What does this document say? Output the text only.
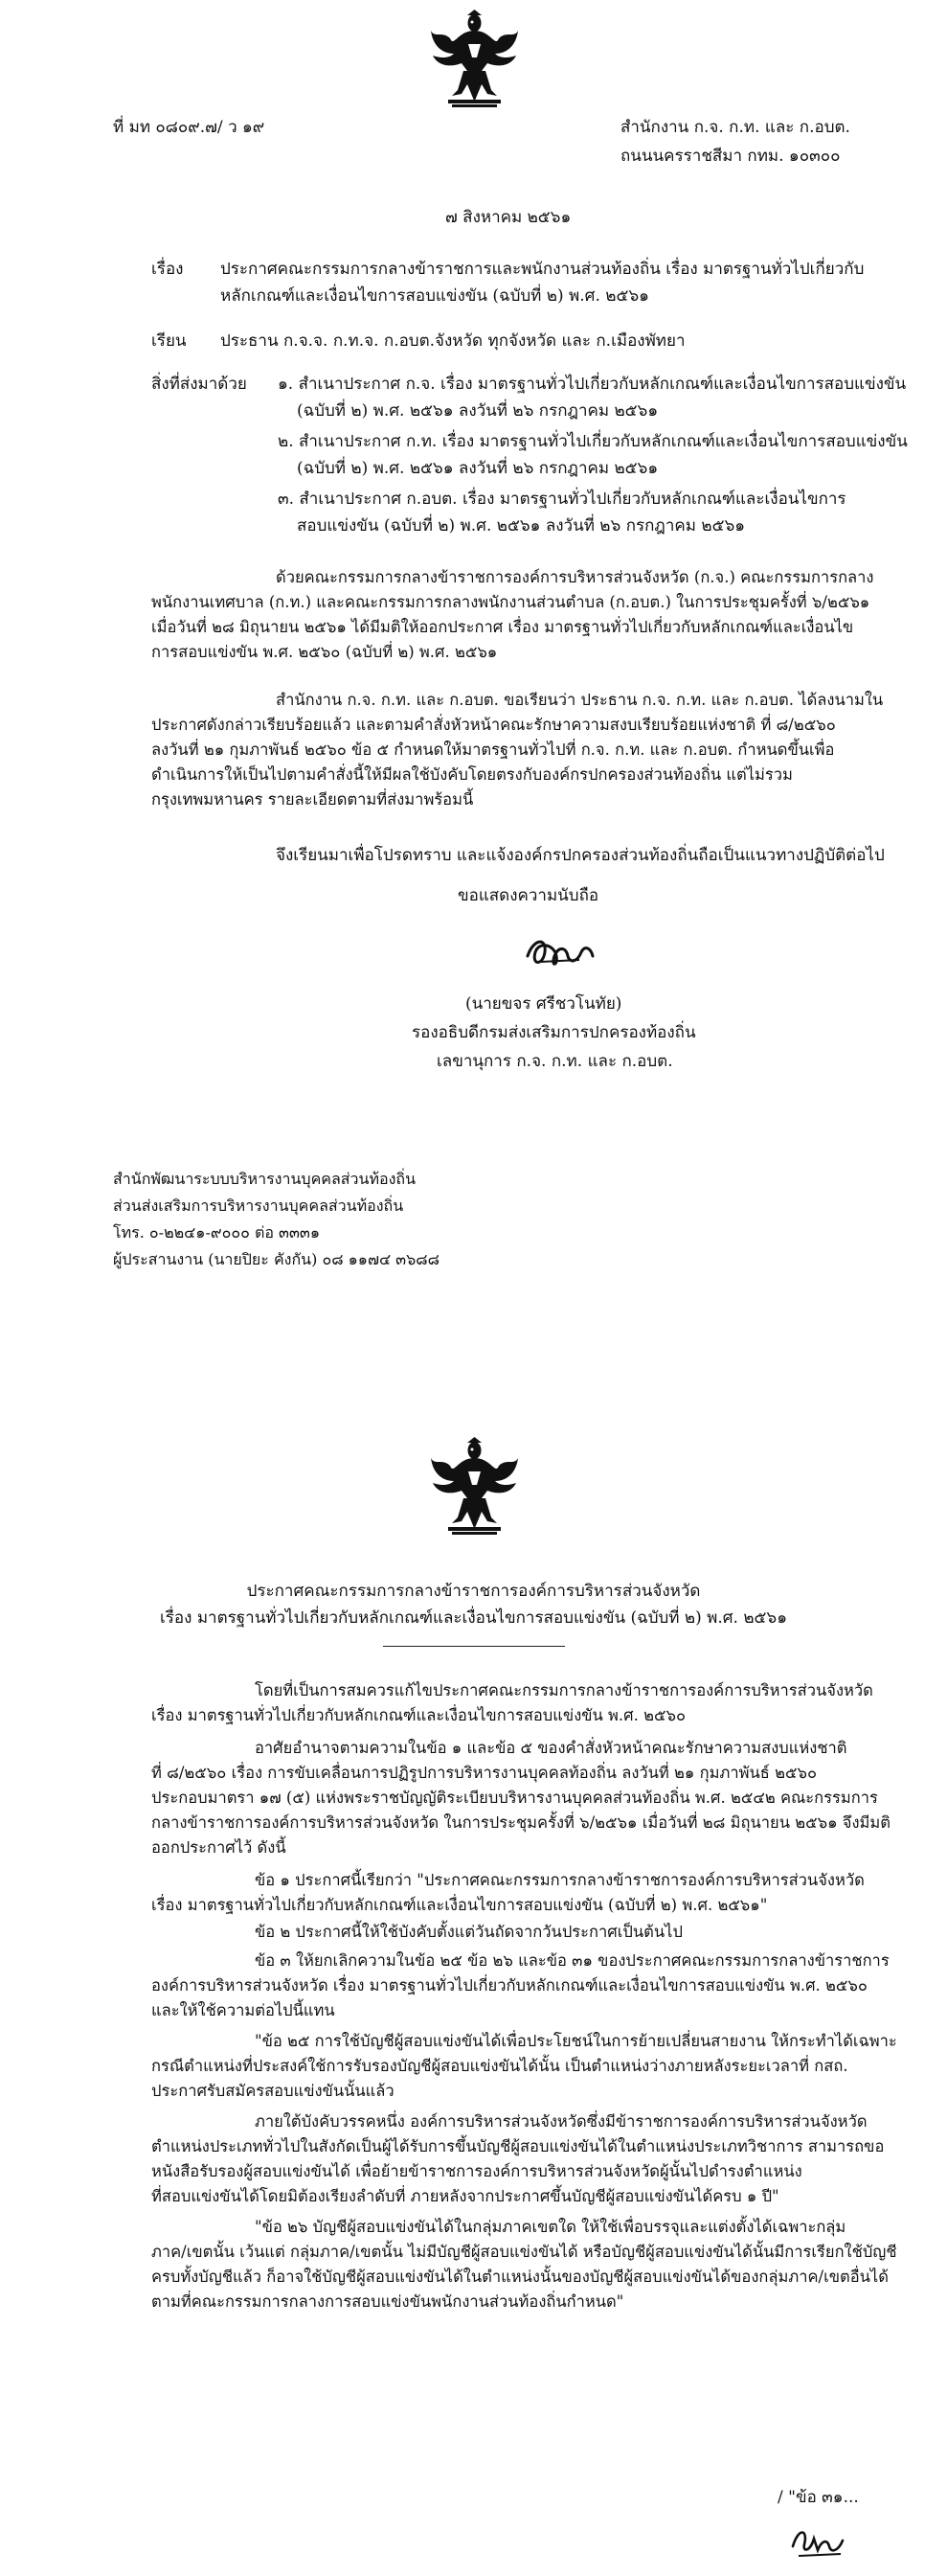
ที่ มท ๐๘๐๙.๗/ ว ๑๙	สำนักงาน ก.จ. ก.ท. และ ก.อบต.
ถนนนครราชสีมา กทม. ๑๐๓๐๐
๗ สิงหาคม ๒๕๖๑
เรื่อง ประกาศคณะกรรมการกลางข้าราชการและพนักงานส่วนท้องถิ่น เรื่อง มาตรฐานทั่วไปเกี่ยวกับ
หลักเกณฑ์และเงื่อนไขการสอบแข่งขัน (ฉบับที่ ๒) พ.ศ. ๒๕๖๑
เรียน ประธาน ก.จ.จ. ก.ท.จ. ก.อบต.จังหวัด ทุกจังหวัด และ ก.เมืองพัทยา
สิ่งที่ส่งมาด้วย ๑. สำเนาประกาศ ก.จ. เรื่อง มาตรฐานทั่วไปเกี่ยวกับหลักเกณฑ์และเงื่อนไขการสอบแข่งขัน
(ฉบับที่ ๒) พ.ศ. ๒๕๖๑ ลงวันที่ ๒๖ กรกฎาคม ๒๕๖๑
๒. สำเนาประกาศ ก.ท. เรื่อง มาตรฐานทั่วไปเกี่ยวกับหลักเกณฑ์และเงื่อนไขการสอบแข่งขัน
(ฉบับที่ ๒) พ.ศ. ๒๕๖๑ ลงวันที่ ๒๖ กรกฎาคม ๒๕๖๑
๓. สำเนาประกาศ ก.อบต. เรื่อง มาตรฐานทั่วไปเกี่ยวกับหลักเกณฑ์และเงื่อนไขการ
สอบแข่งขัน (ฉบับที่ ๒) พ.ศ. ๒๕๖๑ ลงวันที่ ๒๖ กรกฎาคม ๒๕๖๑
ด้วยคณะกรรมการกลางข้าราชการองค์การบริหารส่วนจังหวัด (ก.จ.) คณะกรรมการกลาง
พนักงานเทศบาล (ก.ท.) และคณะกรรมการกลางพนักงานส่วนตำบล (ก.อบต.) ในการประชุมครั้งที่ ๖/๒๕๖๑
เมื่อวันที่ ๒๘ มิถุนายน ๒๕๖๑ ได้มีมติให้ออกประกาศ เรื่อง มาตรฐานทั่วไปเกี่ยวกับหลักเกณฑ์และเงื่อนไข
การสอบแข่งขัน พ.ศ. ๒๕๖๐ (ฉบับที่ ๒) พ.ศ. ๒๕๖๑
สำนักงาน ก.จ. ก.ท. และ ก.อบต. ขอเรียนว่า ประธาน ก.จ. ก.ท. และ ก.อบต. ได้ลงนามใน
ประกาศดังกล่าวเรียบร้อยแล้ว และตามคำสั่งหัวหน้าคณะรักษาความสงบเรียบร้อยแห่งชาติ ที่ ๘/๒๕๖๐
ลงวันที่ ๒๑ กุมภาพันธ์ ๒๕๖๐ ข้อ ๕ กำหนดให้มาตรฐานทั่วไปที่ ก.จ. ก.ท. และ ก.อบต. กำหนดขึ้นเพื่อ
ดำเนินการให้เป็นไปตามคำสั่งนี้ให้มีผลใช้บังคับโดยตรงกับองค์กรปกครองส่วนท้องถิ่น แต่ไม่รวม
กรุงเทพมหานคร รายละเอียดตามที่ส่งมาพร้อมนี้
จึงเรียนมาเพื่อโปรดทราบ และแจ้งองค์กรปกครองส่วนท้องถิ่นถือเป็นแนวทางปฏิบัติต่อไป
ขอแสดงความนับถือ
(นายขจร ศรีชวโนทัย)
รองอธิบดีกรมส่งเสริมการปกครองท้องถิ่น
เลขานุการ ก.จ. ก.ท. และ ก.อบต.
สำนักพัฒนาระบบบริหารงานบุคคลส่วนท้องถิ่น
ส่วนส่งเสริมการบริหารงานบุคคลส่วนท้องถิ่น
โทร. ๐-๒๒๔๑-๙๐๐๐ ต่อ ๓๓๓๑
ผู้ประสานงาน (นายปิยะ คังกัน) ๐๘ ๑๑๗๔ ๓๖๘๘
ประกาศคณะกรรมการกลางข้าราชการองค์การบริหารส่วนจังหวัด
เรื่อง มาตรฐานทั่วไปเกี่ยวกับหลักเกณฑ์และเงื่อนไขการสอบแข่งขัน (ฉบับที่ ๒) พ.ศ. ๒๕๖๑
โดยที่เป็นการสมควรแก้ไขประกาศคณะกรรมการกลางข้าราชการองค์การบริหารส่วนจังหวัด
เรื่อง มาตรฐานทั่วไปเกี่ยวกับหลักเกณฑ์และเงื่อนไขการสอบแข่งขัน พ.ศ. ๒๕๖๐
อาศัยอำนาจตามความในข้อ ๑ และข้อ ๕ ของคำสั่งหัวหน้าคณะรักษาความสงบแห่งชาติ
ที่ ๘/๒๕๖๐ เรื่อง การขับเคลื่อนการปฏิรูปการบริหารงานบุคคลท้องถิ่น ลงวันที่ ๒๑ กุมภาพันธ์ ๒๕๖๐
ประกอบมาตรา ๑๗ (๕) แห่งพระราชบัญญัติระเบียบบริหารงานบุคคลส่วนท้องถิ่น พ.ศ. ๒๕๔๒ คณะกรรมการ
กลางข้าราชการองค์การบริหารส่วนจังหวัด ในการประชุมครั้งที่ ๖/๒๕๖๑ เมื่อวันที่ ๒๘ มิถุนายน ๒๕๖๑ จึงมีมติ
ออกประกาศไว้ ดังนี้
ข้อ ๑ ประกาศนี้เรียกว่า "ประกาศคณะกรรมการกลางข้าราชการองค์การบริหารส่วนจังหวัด
เรื่อง มาตรฐานทั่วไปเกี่ยวกับหลักเกณฑ์และเงื่อนไขการสอบแข่งขัน (ฉบับที่ ๒) พ.ศ. ๒๕๖๑"
ข้อ ๒ ประกาศนี้ให้ใช้บังคับตั้งแต่วันถัดจากวันประกาศเป็นต้นไป
ข้อ ๓ ให้ยกเลิกความในข้อ ๒๕ ข้อ ๒๖ และข้อ ๓๑ ของประกาศคณะกรรมการกลางข้าราชการ
องค์การบริหารส่วนจังหวัด เรื่อง มาตรฐานทั่วไปเกี่ยวกับหลักเกณฑ์และเงื่อนไขการสอบแข่งขัน พ.ศ. ๒๕๖๐
และให้ใช้ความต่อไปนี้แทน
"ข้อ ๒๕ การใช้บัญชีผู้สอบแข่งขันได้เพื่อประโยชน์ในการย้ายเปลี่ยนสายงาน ให้กระทำได้เฉพาะ
กรณีตำแหน่งที่ประสงค์ใช้การรับรองบัญชีผู้สอบแข่งขันได้นั้น เป็นตำแหน่งว่างภายหลังระยะเวลาที่ กสถ.
ประกาศรับสมัครสอบแข่งขันนั้นแล้ว
ภายใต้บังคับวรรคหนึ่ง องค์การบริหารส่วนจังหวัดซึ่งมีข้าราชการองค์การบริหารส่วนจังหวัด
ตำแหน่งประเภททั่วไปในสังกัดเป็นผู้ได้รับการขึ้นบัญชีผู้สอบแข่งขันได้ในตำแหน่งประเภทวิชาการ สามารถขอ
หนังสือรับรองผู้สอบแข่งขันได้ เพื่อย้ายข้าราชการองค์การบริหารส่วนจังหวัดผู้นั้นไปดำรงตำแหน่ง
ที่สอบแข่งขันได้โดยมิต้องเรียงลำดับที่ ภายหลังจากประกาศขึ้นบัญชีผู้สอบแข่งขันได้ครบ ๑ ปี"
"ข้อ ๒๖ บัญชีผู้สอบแข่งขันได้ในกลุ่มภาคเขตใด ให้ใช้เพื่อบรรจุและแต่งตั้งได้เฉพาะกลุ่ม
ภาค/เขตนั้น เว้นแต่ กลุ่มภาค/เขตนั้น ไม่มีบัญชีผู้สอบแข่งขันได้ หรือบัญชีผู้สอบแข่งขันได้นั้นมีการเรียกใช้บัญชี
ครบทั้งบัญชีแล้ว ก็อาจใช้บัญชีผู้สอบแข่งขันได้ในตำแหน่งนั้นของบัญชีผู้สอบแข่งขันได้ของกลุ่มภาค/เขตอื่นได้
ตามที่คณะกรรมการกลางการสอบแข่งขันพนักงานส่วนท้องถิ่นกำหนด"
/ "ข้อ ๓๑...
